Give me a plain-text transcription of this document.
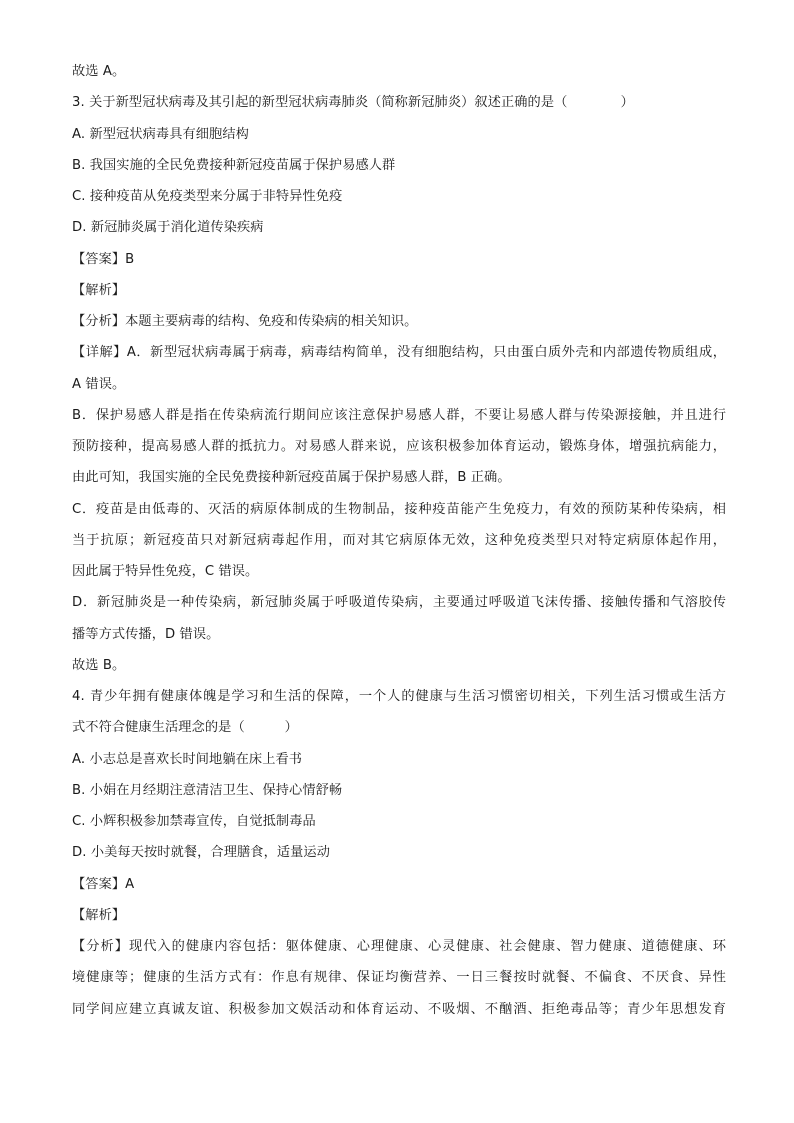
故选 A。
3. 关于新型冠状病毒及其引起的新型冠状病毒肺炎（简称新冠肺炎）叙述正确的是（　　　　）
A. 新型冠状病毒具有细胞结构
B. 我国实施的全民免费接种新冠疫苗属于保护易感人群
C. 接种疫苗从免疫类型来分属于非特异性免疫
D. 新冠肺炎属于消化道传染疾病
【答案】B
【解析】
【分析】本题主要病毒的结构、免疫和传染病的相关知识。
【详解】A．新型冠状病毒属于病毒，病毒结构简单，没有细胞结构，只由蛋白质外壳和内部遗传物质组成，
A 错误。
B．保护易感人群是指在传染病流行期间应该注意保护易感人群，不要让易感人群与传染源接触，并且进行
预防接种，提高易感人群的抵抗力。对易感人群来说，应该积极参加体育运动，锻炼身体，增强抗病能力，
由此可知，我国实施的全民免费接种新冠疫苗属于保护易感人群，B 正确。
C．疫苗是由低毒的、灭活的病原体制成的生物制品，接种疫苗能产生免疫力，有效的预防某种传染病，相
当于抗原；新冠疫苗只对新冠病毒起作用，而对其它病原体无效，这种免疫类型只对特定病原体起作用，
因此属于特异性免疫，C 错误。
D．新冠肺炎是一种传染病，新冠肺炎属于呼吸道传染病，主要通过呼吸道飞沫传播、接触传播和气溶胶传
播等方式传播，D 错误。
故选 B。
4. 青少年拥有健康体魄是学习和生活的保障，一个人的健康与生活习惯密切相关，下列生活习惯或生活方
式不符合健康生活理念的是（　　　）
A. 小志总是喜欢长时间地躺在床上看书
B. 小娟在月经期注意清洁卫生、保持心情舒畅
C. 小辉积极参加禁毒宣传，自觉抵制毒品
D. 小美每天按时就餐，合理膳食，适量运动
【答案】A
【解析】
【分析】现代入的健康内容包括：躯体健康、心理健康、心灵健康、社会健康、智力健康、道德健康、环
境健康等；健康的生活方式有：作息有规律、保证均衡营养、一日三餐按时就餐、不偏食、不厌食、异性
同学间应建立真诚友谊、积极参加文娱活动和体育运动、不吸烟、不酗酒、拒绝毒品等；青少年思想发育
